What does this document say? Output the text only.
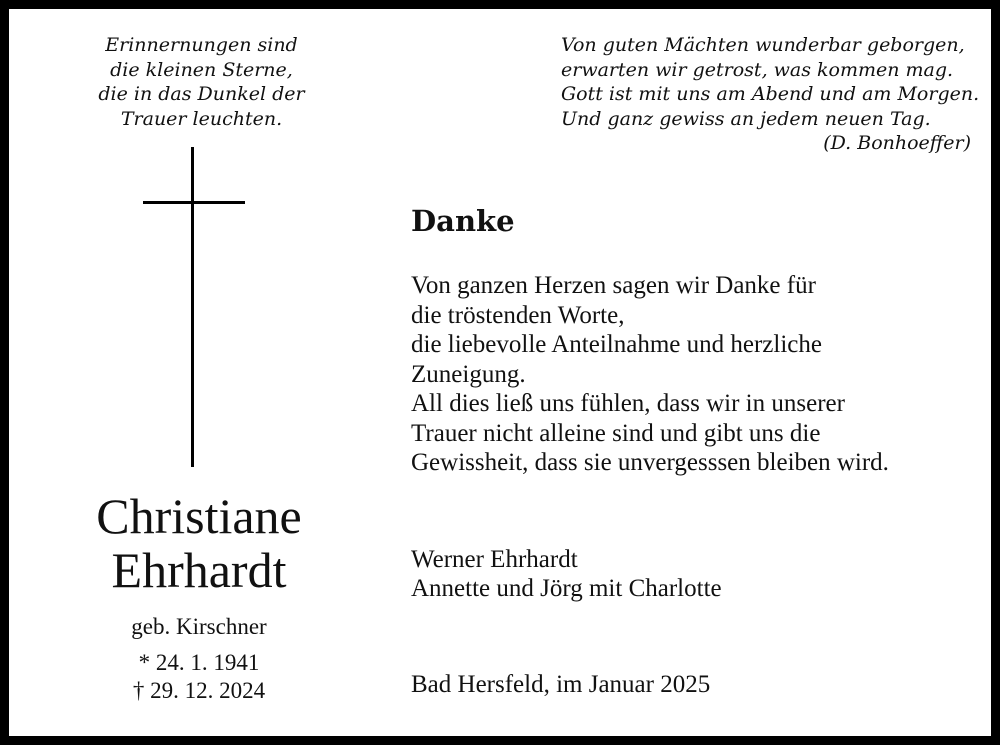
Erinnernungen sind
die kleinen Sterne,
die in das Dunkel der
Trauer leuchten.
Von guten Mächten wunderbar geborgen,
erwarten wir getrost, was kommen mag.
Gott ist mit uns am Abend und am Morgen.
Und ganz gewiss an jedem neuen Tag.
(D. Bonhoeffer)
Christiane
Ehrhardt
geb. Kirschner
* 24. 1. 1941
† 29. 12. 2024
Danke
Von ganzen Herzen sagen wir Danke für
die tröstenden Worte,
die liebevolle Anteilnahme und herzliche
Zuneigung.
All dies ließ uns fühlen, dass wir in unserer
Trauer nicht alleine sind und gibt uns die
Gewissheit, dass sie unvergesssen bleiben wird.
Werner Ehrhardt
Annette und Jörg mit Charlotte
Bad Hersfeld, im Januar 2025
